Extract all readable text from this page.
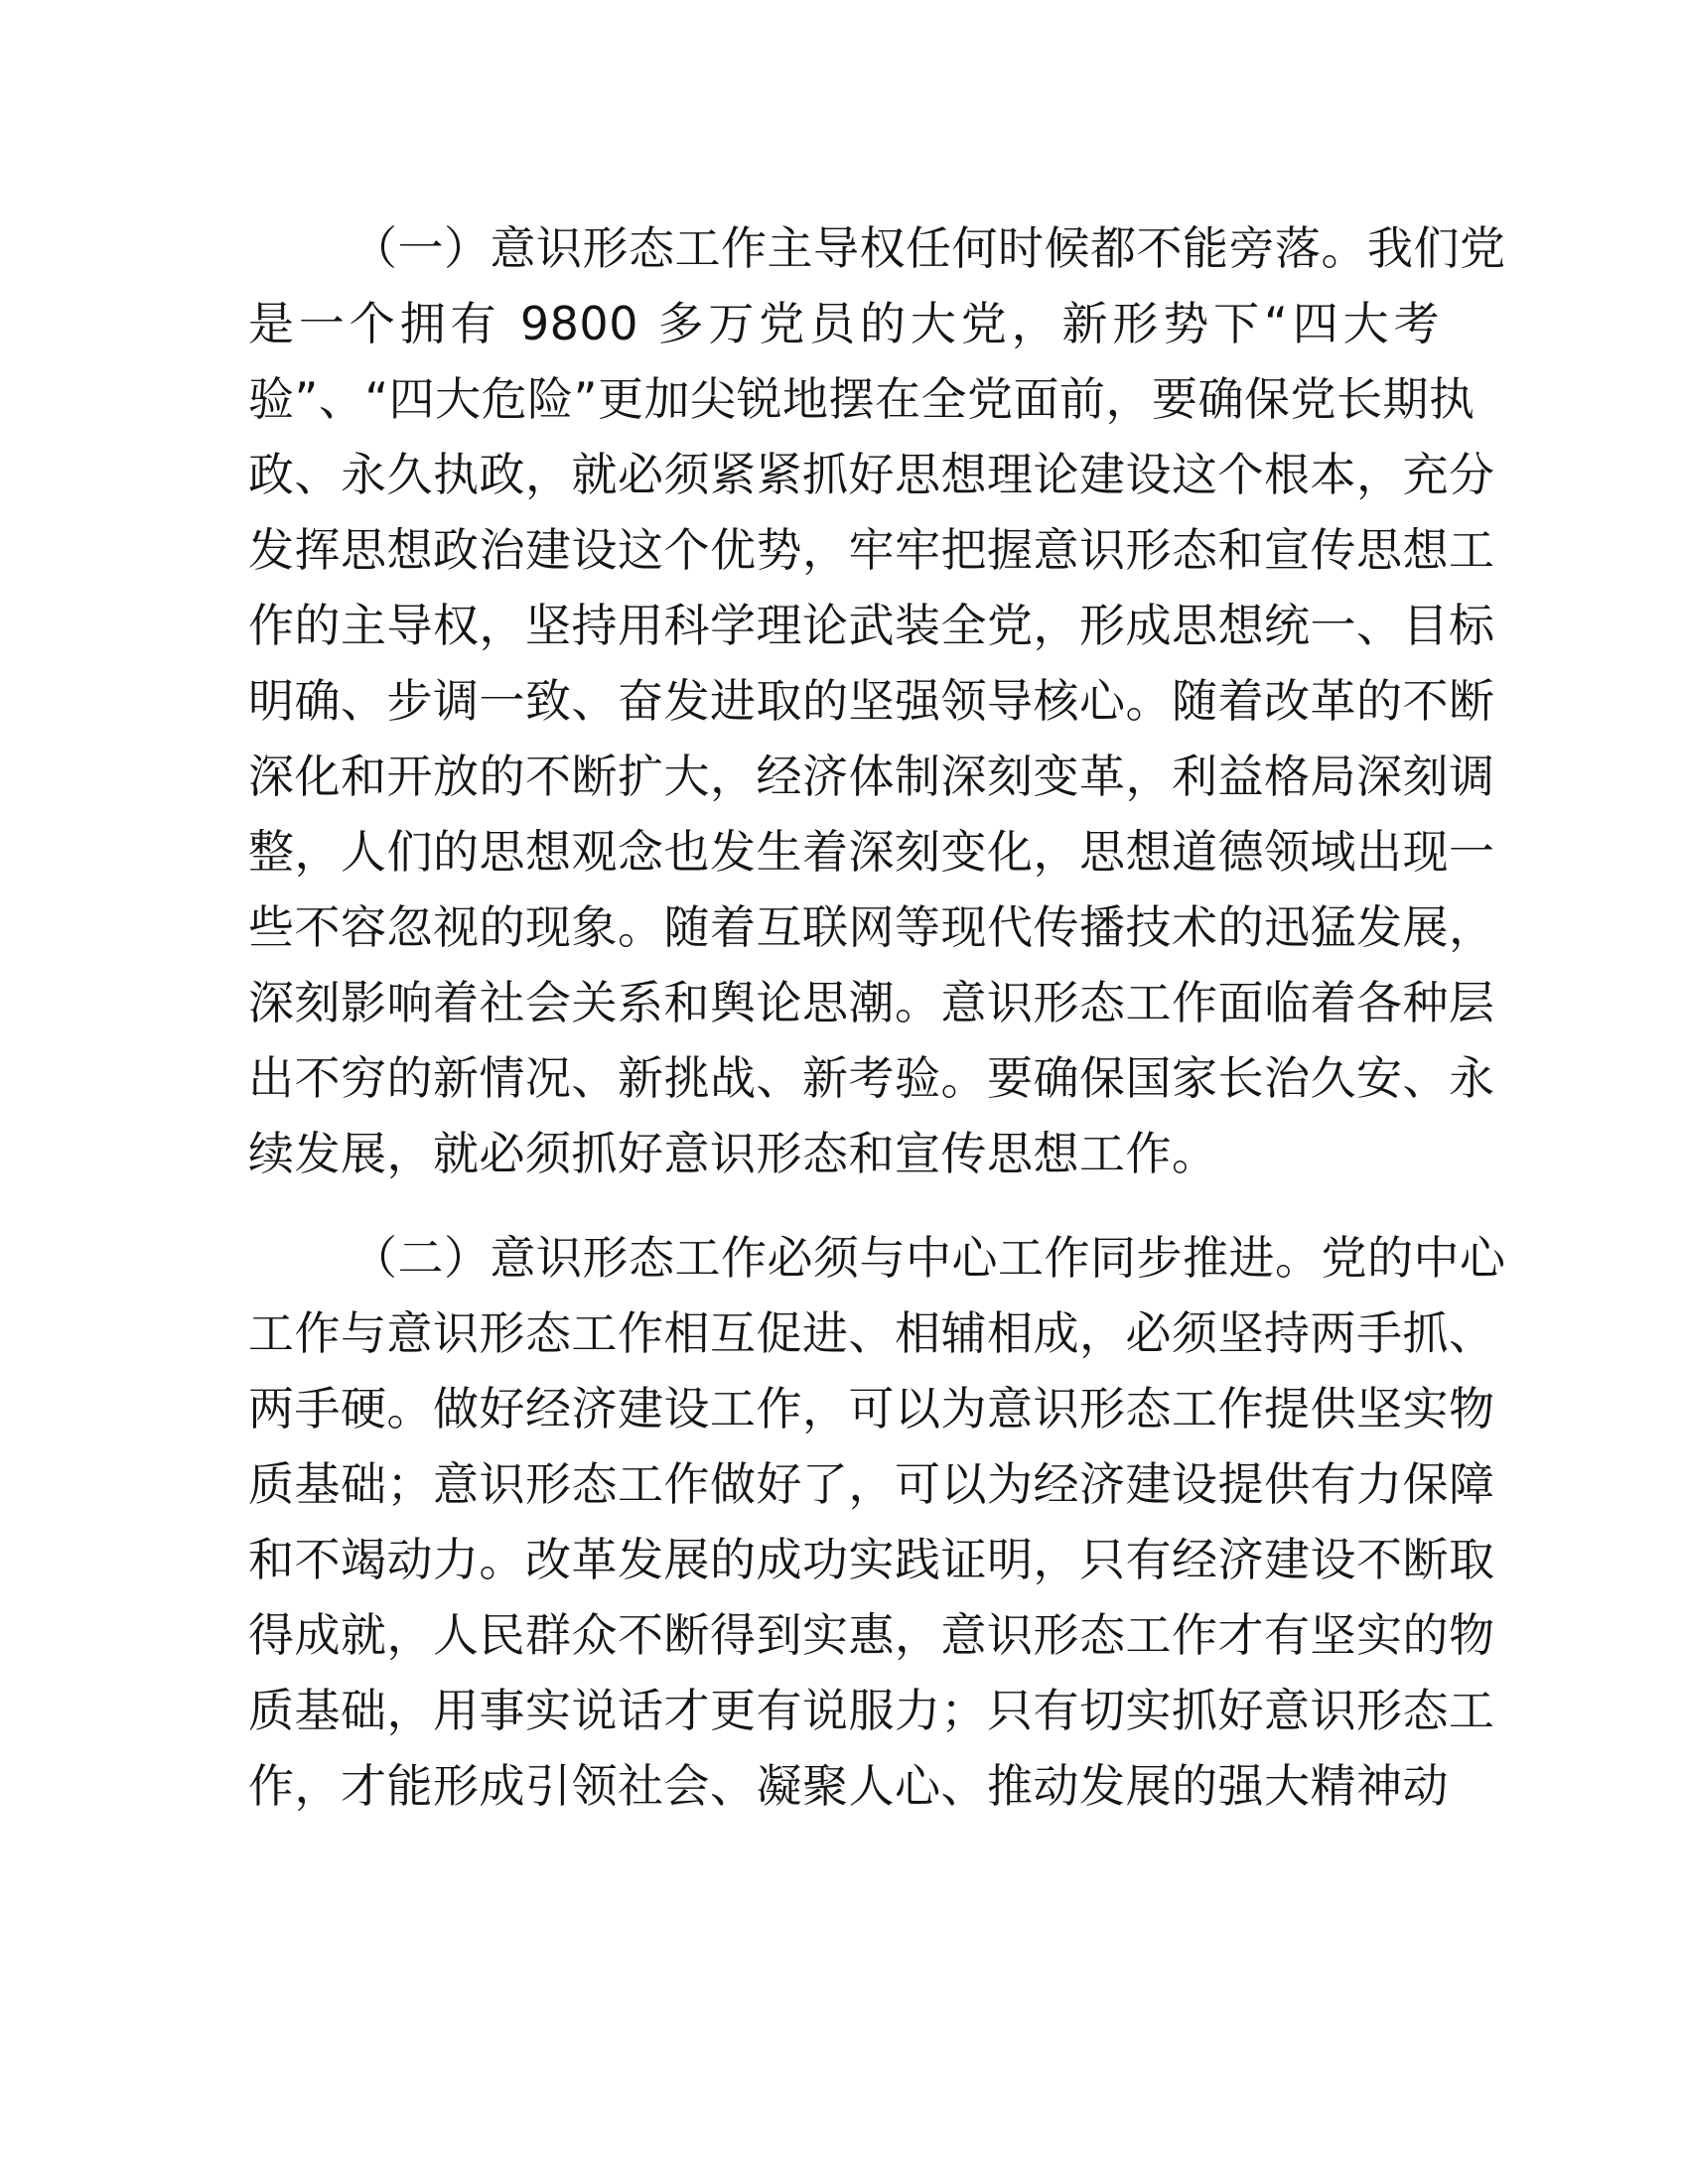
（一）意识形态工作主导权任何时候都不能旁落。我们党
是一个拥有 9800 多万党员的大党，新形势下“四大考
验”、“四大危险”更加尖锐地摆在全党面前，要确保党长期执
政、永久执政，就必须紧紧抓好思想理论建设这个根本，充分
发挥思想政治建设这个优势，牢牢把握意识形态和宣传思想工
作的主导权，坚持用科学理论武装全党，形成思想统一、目标
明确、步调一致、奋发进取的坚强领导核心。随着改革的不断
深化和开放的不断扩大，经济体制深刻变革，利益格局深刻调
整，人们的思想观念也发生着深刻变化，思想道德领域出现一
些不容忽视的现象。随着互联网等现代传播技术的迅猛发展，
深刻影响着社会关系和舆论思潮。意识形态工作面临着各种层
出不穷的新情况、新挑战、新考验。要确保国家长治久安、永
续发展，就必须抓好意识形态和宣传思想工作。
（二）意识形态工作必须与中心工作同步推进。党的中心
工作与意识形态工作相互促进、相辅相成，必须坚持两手抓、
两手硬。做好经济建设工作，可以为意识形态工作提供坚实物
质基础；意识形态工作做好了，可以为经济建设提供有力保障
和不竭动力。改革发展的成功实践证明，只有经济建设不断取
得成就，人民群众不断得到实惠，意识形态工作才有坚实的物
质基础，用事实说话才更有说服力；只有切实抓好意识形态工
作，才能形成引领社会、凝聚人心、推动发展的强大精神动
